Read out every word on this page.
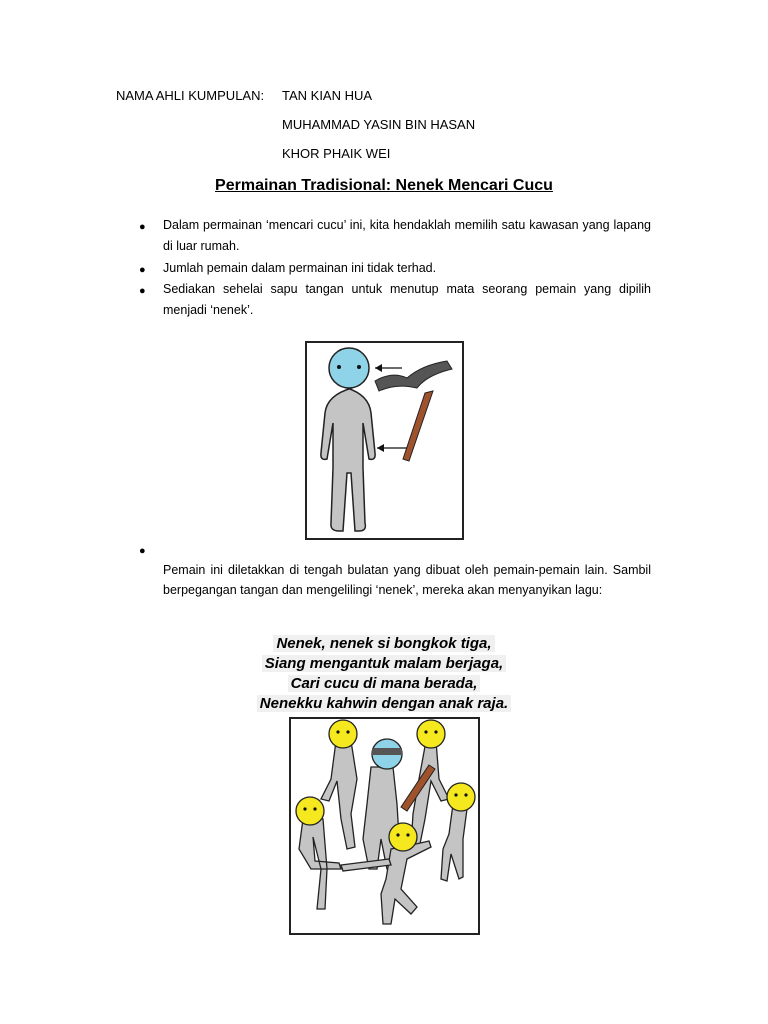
NAMA AHLI KUMPULAN: TAN KIAN HUA
MUHAMMAD YASIN BIN HASAN
KHOR PHAIK WEI
Permainan Tradisional: Nenek Mencari Cucu
● Dalam permainan ‘mencari cucu’ ini, kita hendaklah memilih satu kawasan yang lapang di luar rumah.
● Jumlah pemain dalam permainan ini tidak terhad.
● Sediakan sehelai sapu tangan untuk menutup mata seorang pemain yang dipilih menjadi ‘nenek’.
●
Pemain ini diletakkan di tengah bulatan yang dibuat oleh pemain-pemain lain. Sambil berpegangan tangan dan mengelilingi ‘nenek’, mereka akan menyanyikan lagu:
Nenek, nenek si bongkok tiga,
Siang mengantuk malam berjaga,
Cari cucu di mana berada,
Nenekku kahwin dengan anak raja.
